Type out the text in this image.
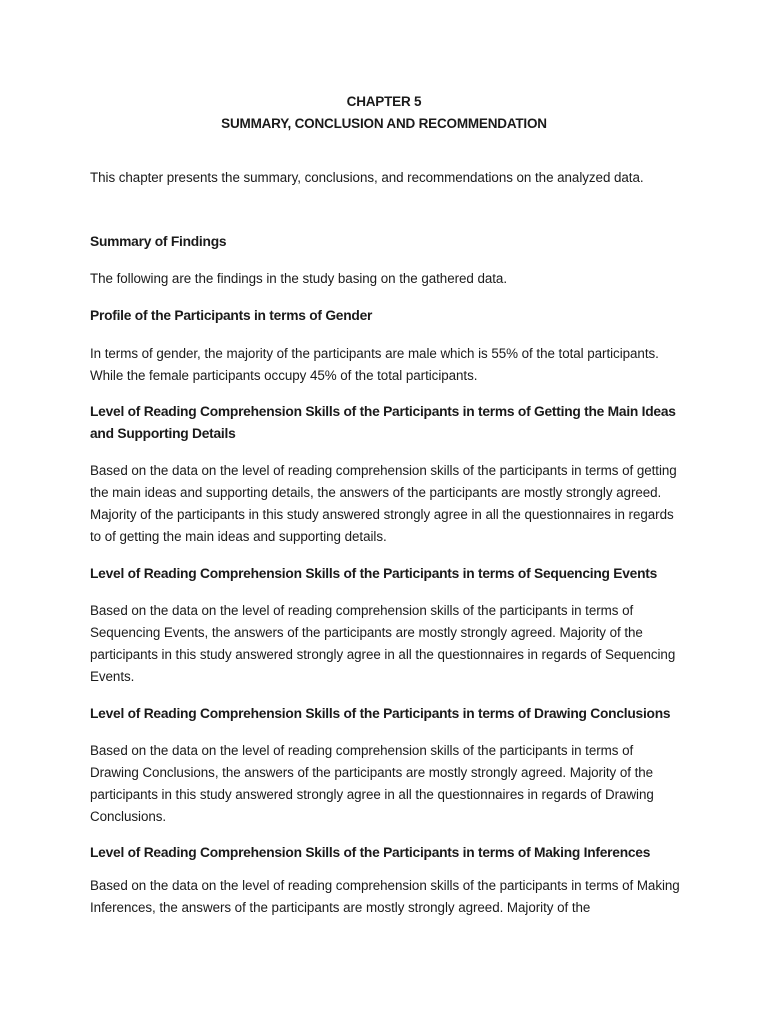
CHAPTER 5
SUMMARY, CONCLUSION AND RECOMMENDATION

This chapter presents the summary, conclusions, and recommendations on the analyzed data.

Summary of Findings

The following are the findings in the study basing on the gathered data.

Profile of the Participants in terms of Gender

In terms of gender, the majority of the participants are male which is 55% of the total participants. While the female participants occupy 45% of the total participants.

Level of Reading Comprehension Skills of the Participants in terms of Getting the Main Ideas and Supporting Details

Based on the data on the level of reading comprehension skills of the participants in terms of getting the main ideas and supporting details, the answers of the participants are mostly strongly agreed. Majority of the participants in this study answered strongly agree in all the questionnaires in regards to of getting the main ideas and supporting details.

Level of Reading Comprehension Skills of the Participants in terms of Sequencing Events

Based on the data on the level of reading comprehension skills of the participants in terms of Sequencing Events, the answers of the participants are mostly strongly agreed. Majority of the participants in this study answered strongly agree in all the questionnaires in regards of Sequencing Events.

Level of Reading Comprehension Skills of the Participants in terms of Drawing Conclusions

Based on the data on the level of reading comprehension skills of the participants in terms of Drawing Conclusions, the answers of the participants are mostly strongly agreed. Majority of the participants in this study answered strongly agree in all the questionnaires in regards of Drawing Conclusions.

Level of Reading Comprehension Skills of the Participants in terms of Making Inferences

Based on the data on the level of reading comprehension skills of the participants in terms of Making Inferences, the answers of the participants are mostly strongly agreed. Majority of the
